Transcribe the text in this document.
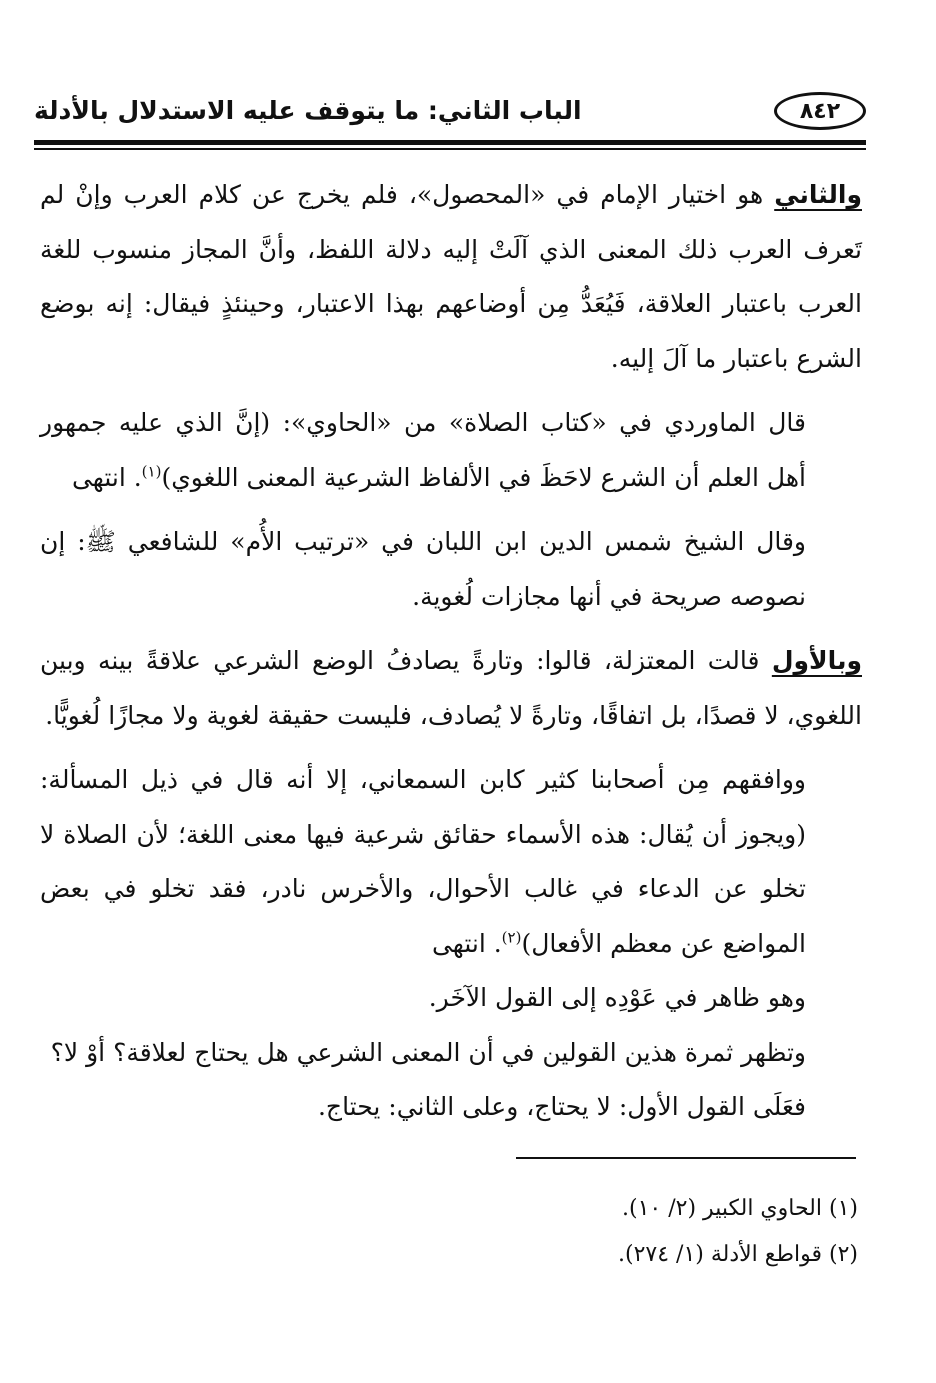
الباب الثاني: ما يتوقف عليه الاستدلال بالأدلة	٨٤٢

والثاني هو اختيار الإمام في «المحصول»، فلم يخرج عن كلام العرب وإنْ لم تَعرف العرب ذلك المعنى الذي آلَتْ إليه دلالة اللفظ، وأنَّ المجاز منسوب للغة العرب باعتبار العلاقة، فَيُعَدُّ مِن أوضاعهم بهذا الاعتبار، وحينئذٍ فيقال: إنه بوضع الشرع باعتبار ما آلَ إليه.

قال الماوردي في «كتاب الصلاة» من «الحاوي»: (إنَّ الذي عليه جمهور أهل العلم أن الشرع لاحَظَ في الألفاظ الشرعية المعنى اللغوي)$^{(١)}$. انتهى

وقال الشيخ شمس الدين ابن اللبان في «ترتيب الأُم» للشافعي ﷺ: إن نصوصه صريحة في أنها مجازات لُغوية.

وبالأول قالت المعتزلة، قالوا: وتارةً يصادفُ الوضع الشرعي علاقةً بينه وبين اللغوي، لا قصدًا، بل اتفاقًا، وتارةً لا يُصادف، فليست حقيقة لغوية ولا مجازًا لُغويًّا.

ووافقهم مِن أصحابنا كثير كابن السمعاني، إلا أنه قال في ذيل المسألة: (ويجوز أن يُقال: هذه الأسماء حقائق شرعية فيها معنى اللغة؛ لأن الصلاة لا تخلو عن الدعاء في غالب الأحوال، والأخرس نادر، فقد تخلو في بعض المواضع عن معظم الأفعال)$^{(٢)}$. انتهى

وهو ظاهر في عَوْدِه إلى القول الآخَر.

وتظهر ثمرة هذين القولين في أن المعنى الشرعي هل يحتاج لعلاقة؟ أوْ لا؟

فعَلَى القول الأول: لا يحتاج، وعلى الثاني: يحتاج.

(١) الحاوي الكبير (٢/ ١٠).

(٢) قواطع الأدلة (١/ ٢٧٤).
